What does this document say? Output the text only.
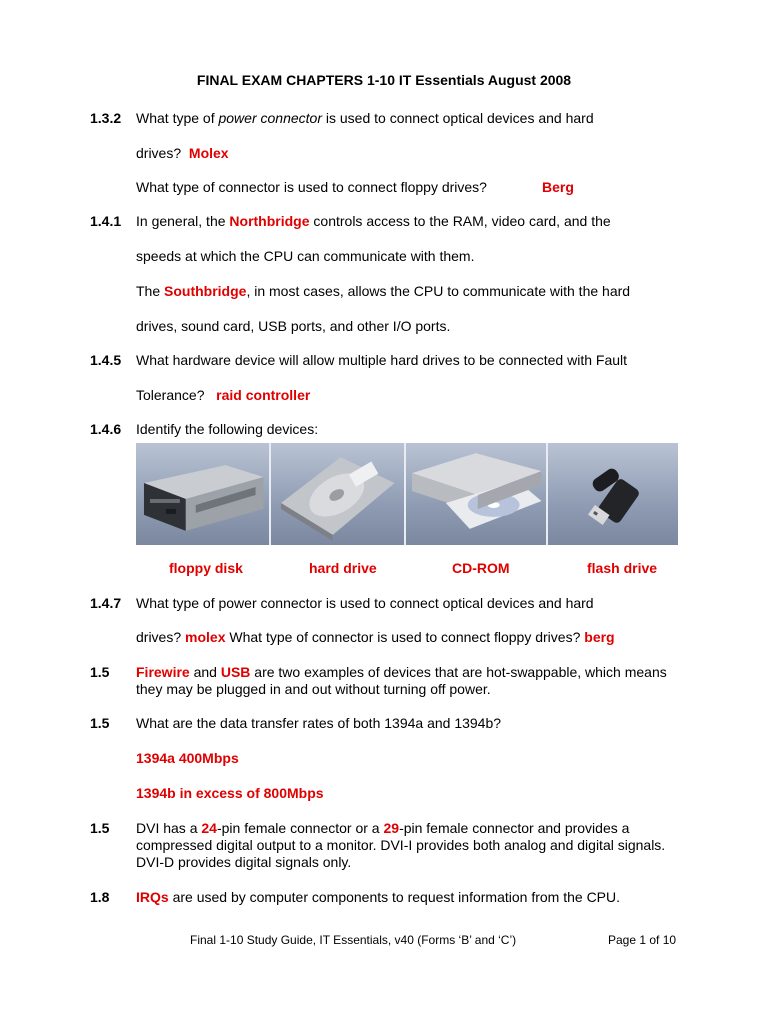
FINAL EXAM CHAPTERS 1-10 IT Essentials August 2008
1.3.2 What type of power connector is used to connect optical devices and hard
drives? Molex
What type of connector is used to connect floppy drives?	Berg
1.4.1 In general, the Northbridge controls access to the RAM, video card, and the
speeds at which the CPU can communicate with them.
The Southbridge, in most cases, allows the CPU to communicate with the hard
drives, sound card, USB ports, and other I/O ports.
1.4.5 What hardware device will allow multiple hard drives to be connected with Fault
Tolerance? raid controller
1.4.6 Identify the following devices:
floppy disk	hard drive	CD-ROM	flash drive
1.4.7 What type of power connector is used to connect optical devices and hard
drives? molex What type of connector is used to connect floppy drives? berg
1.5 Firewire and USB are two examples of devices that are hot-swappable, which means they may be plugged in and out without turning off power.
1.5 What are the data transfer rates of both 1394a and 1394b?
1394a 400Mbps
1394b in excess of 800Mbps
1.5 DVI has a 24-pin female connector or a 29-pin female connector and provides a compressed digital output to a monitor. DVI-I provides both analog and digital signals. DVI-D provides digital signals only.
1.8 IRQs are used by computer components to request information from the CPU.
Final 1-10 Study Guide, IT Essentials, v40 (Forms ‘B’ and ‘C’)	Page 1 of 10
